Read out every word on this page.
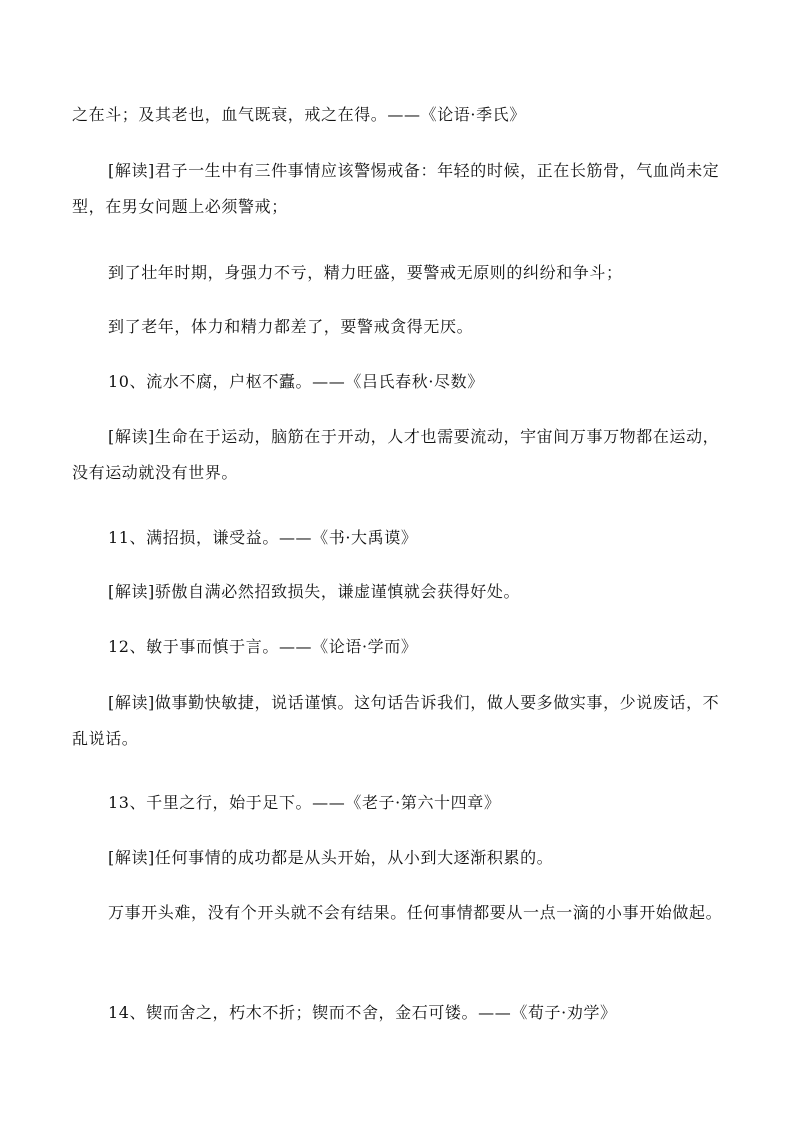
之在斗；及其老也，血气既衰，戒之在得。——《论语·季氏》

[解读]君子一生中有三件事情应该警惕戒备：年轻的时候，正在长筋骨，气血尚未定型，在男女问题上必须警戒；

到了壮年时期，身强力不亏，精力旺盛，要警戒无原则的纠纷和争斗；

到了老年，体力和精力都差了，要警戒贪得无厌。

10、流水不腐，户枢不蠹。——《吕氏春秋·尽数》

[解读]生命在于运动，脑筋在于开动，人才也需要流动，宇宙间万事万物都在运动，没有运动就没有世界。

11、满招损，谦受益。——《书·大禹谟》

[解读]骄傲自满必然招致损失，谦虚谨慎就会获得好处。

12、敏于事而慎于言。——《论语·学而》

[解读]做事勤快敏捷，说话谨慎。这句话告诉我们，做人要多做实事，少说废话，不乱说话。

13、千里之行，始于足下。——《老子·第六十四章》

[解读]任何事情的成功都是从头开始，从小到大逐渐积累的。

万事开头难，没有个开头就不会有结果。任何事情都要从一点一滴的小事开始做起。

14、锲而舍之，朽木不折；锲而不舍，金石可镂。——《荀子·劝学》
